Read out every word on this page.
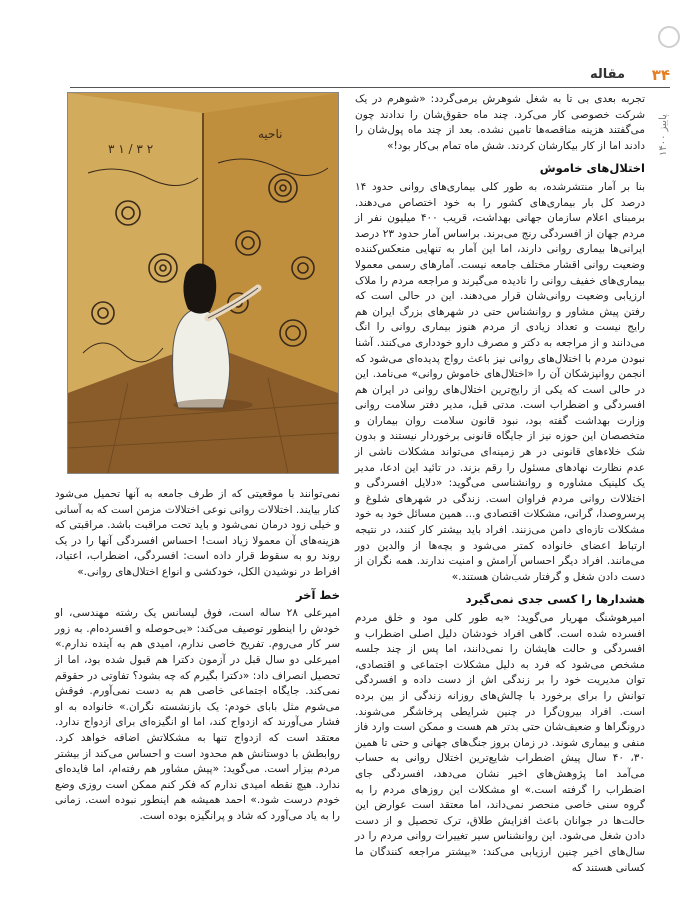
۳۴
مقاله
پاییز ۱۴۰۰

تجربه بعدی بی تا به شغل شوهرش برمی‌گردد: «شوهرم در یک شرکت خصوصی کار می‌کرد. چند ماه حقوق‌شان را ندادند چون می‌گفتند هزینه مناقصه‌ها تامین نشده. بعد از چند ماه پول‌شان را دادند اما از کار بیکارشان کردند. شش ماه تمام بی‌کار بود!»

اختلال‌های خاموش

بنا بر آمار منتشرشده، به طور کلی بیماری‌های روانی حدود ۱۴ درصد کل بار بیماری‌های کشور را به خود اختصاص می‌دهند. برمبنای اعلام سازمان جهانی بهداشت، قریب ۴۰۰ میلیون نفر از مردم جهان از افسردگی رنج می‌برند. براساس آمار حدود ۲۳ درصد ایرانی‌ها بیماری روانی دارند، اما این آمار به تنهایی منعکس‌کننده وضعیت روانی اقشار مختلف جامعه نیست. آمارهای رسمی معمولا بیماری‌های خفیف روانی را نادیده می‌گیرند و مراجعه مردم را ملاک ارزیابی وضعیت روانی‌شان قرار می‌دهند. این در حالی است که رفتن پیش مشاور و روانشناس حتی در شهرهای بزرگ ایران هم رایج نیست و تعداد زیادی از مردم هنوز بیماری روانی را انگ می‌دانند و از مراجعه به دکتر و مصرف دارو خودداری می‌کنند. آشنا نبودن مردم با اختلال‌های روانی نیز باعث رواج پدیده‌ای می‌شود که انجمن روانپزشکان آن را «اختلال‌های خاموش روانی» می‌نامد. این در حالی است که یکی از رایج‌ترین اختلال‌های روانی در ایران هم افسردگی و اضطراب است. مدتی قبل، مدیر دفتر سلامت روانی وزارت بهداشت گفته بود، نبود قانون سلامت روان بیماران و متخصصان این حوزه نیز از جایگاه قانونی برخوردار نیستند و بدون شک خلاءهای قانونی در هر زمینه‌ای می‌تواند مشکلات ناشی از عدم نظارت نهادهای مسئول را رقم بزند. در تائید این ادعا، مدیر یک کلینیک مشاوره و روانشناسی می‌گوید: «دلایل افسردگی و اختلالات روانی مردم فراوان است. زندگی در شهرهای شلوغ و پرسروصدا، گرانی، مشکلات اقتصادی و... همین مسائل خود به خود مشکلات تازه‌ای دامن می‌زنند. افراد باید بیشتر کار کنند، در نتیجه ارتباط اعضای خانواده کمتر می‌شود و بچه‌ها از والدین دور می‌مانند. افراد دیگر احساس آرامش و امنیت ندارند. همه نگران از دست دادن شغل و گرفتار شب‌شان هستند.»

هشدارها را کسی جدی نمی‌گیرد

امیرهوشنگ مهریار می‌گوید: «به طور کلی مود و خلق مردم افسرده شده است. گاهی افراد خودشان دلیل اصلی اضطراب و افسردگی و حالت هایشان را نمی‌دانند، اما پس از چند جلسه مشخص می‌شود که فرد به دلیل مشکلات اجتماعی و اقتصادی، توان مدیریت خود را بر زندگی اش از دست داده و افسردگی توانش را برای برخورد با چالش‌های روزانه زندگی از بین برده است. افراد بیرون‌گرا در چنین شرایطی پرخاشگر می‌شوند. درونگراها و ضعیف‌شان حتی بدتر هم هست و ممکن است وارد فاز منفی و بیماری شوند. در زمان بروز جنگ‌های جهانی و حتی تا همین ۳۰، ۴۰ سال پیش اضطراب شایع‌ترین اختلال روانی به حساب می‌آمد اما پژوهش‌های اخیر نشان می‌دهد، افسردگی جای اضطراب را گرفته است.» او مشکلات این روزهای مردم را به گروه سنی خاصی منحصر نمی‌داند، اما معتقد است عوارض این حالت‌ها در جوانان باعث افزایش طلاق، ترک تحصیل و از دست دادن شغل می‌شود. این روانشناس سیر تغییرات روانی مردم را در سال‌های اخیر چنین ارزیابی می‌کند: «بیشتر مراجعه کنندگان ما کسانی هستند که

ناحیه
٢ ٣ / ١ ٣

نمی‌توانند با موقعیتی که از طرف جامعه به آنها تحمیل می‌شود کنار بیایند. اختلالات روانی نوعی اختلالات مزمن است که به آسانی و خیلی زود درمان نمی‌شود و باید تحت مراقبت باشد. مراقبتی که هزینه‌های آن معمولا زیاد است! احساس افسردگی آنها را در یک روند رو به سقوط قرار داده است: افسردگی، اضطراب، اعتیاد، افراط در نوشیدن الکل، خودکشی و انواع اختلال‌های روانی.»

خط آخر

امیرعلی ۲۸ ساله است، فوق لیسانس یک رشته مهندسی، او خودش را اینطور توصیف می‌کند: «بی‌حوصله و افسرده‌ام. به زور سر کار می‌روم. تفریح خاصی ندارم، امیدی هم به آینده ندارم.» امیرعلی دو سال قبل در آزمون دکترا هم قبول شده بود، اما از تحصیل انصراف داد: «دکترا بگیرم که چه بشود؟ تفاوتی در حقوقم نمی‌کند. جایگاه اجتماعی خاصی هم به دست نمی‌آورم. فوقش می‌شوم مثل بابای خودم: یک بازنشسته نگران.» خانواده به او فشار می‌آورند که ازدواج کند، اما او انگیزه‌ای برای ازدواج ندارد. معتقد است که ازدواج تنها به مشکلاتش اضافه خواهد کرد. روابطش با دوستانش هم محدود است و احساس می‌کند از بیشتر مردم بیزار است. می‌گوید: «پیش مشاور هم رفته‌ام، اما فایده‌ای ندارد. هیچ نقطه امیدی ندارم که فکر کنم ممکن است روزی وضع خودم درست شود.» احمد همیشه هم اینطور نبوده است. زمانی را به یاد می‌آورد که شاد و پرانگیزه بوده است.
